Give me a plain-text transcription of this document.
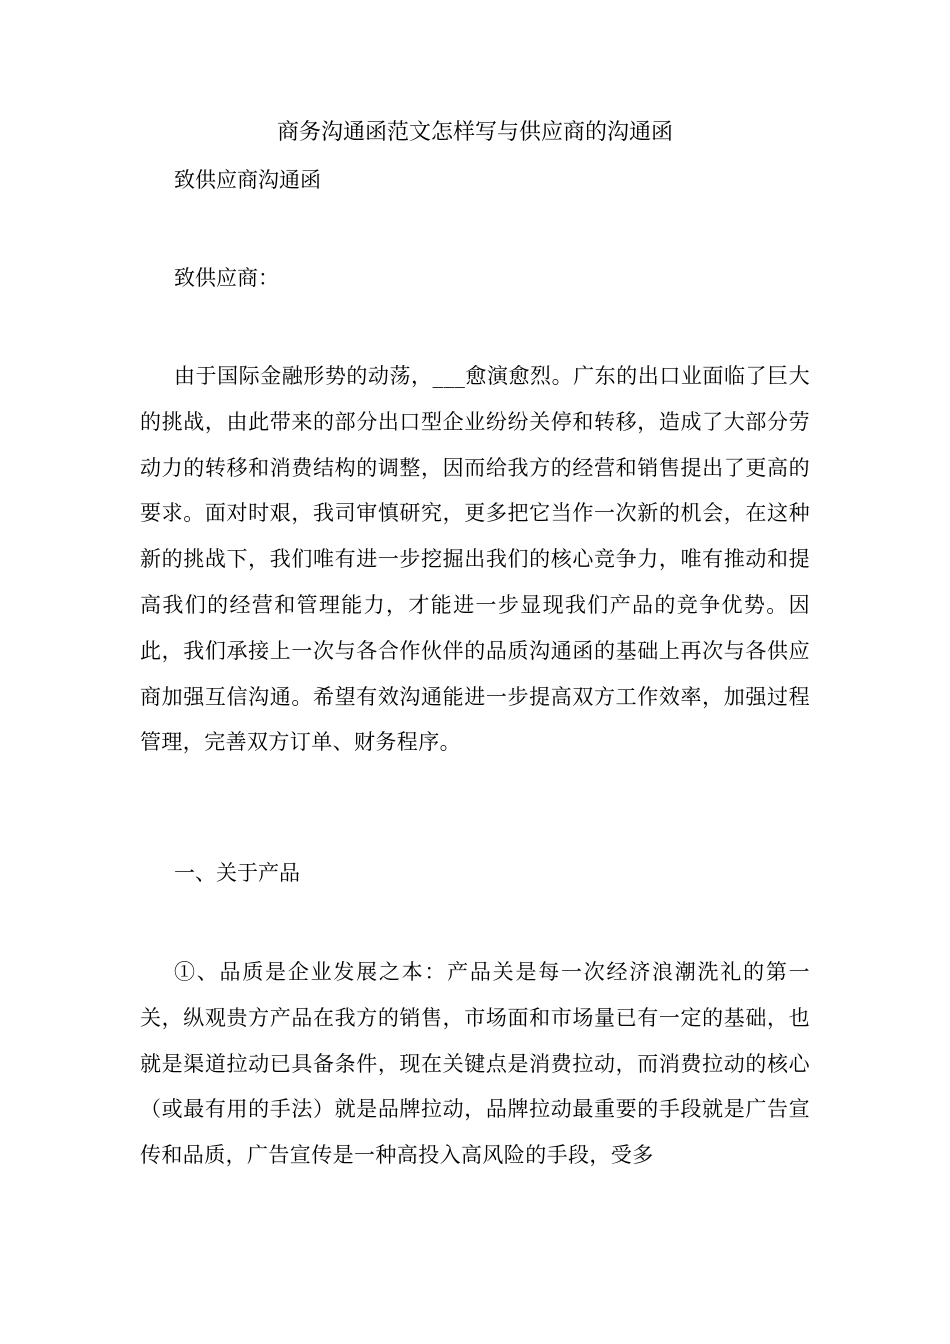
商务沟通函范文怎样写与供应商的沟通函

致供应商沟通函

致供应商：

由于国际金融形势的动荡，___愈演愈烈。广东的出口业面临了巨大的挑战，由此带来的部分出口型企业纷纷关停和转移，造成了大部分劳动力的转移和消费结构的调整，因而给我方的经营和销售提出了更高的要求。面对时艰，我司审慎研究，更多把它当作一次新的机会，在这种新的挑战下，我们唯有进一步挖掘出我们的核心竞争力，唯有推动和提高我们的经营和管理能力，才能进一步显现我们产品的竞争优势。因此，我们承接上一次与各合作伙伴的品质沟通函的基础上再次与各供应商加强互信沟通。希望有效沟通能进一步提高双方工作效率，加强过程管理，完善双方订单、财务程序。

一、关于产品

①、品质是企业发展之本：产品关是每一次经济浪潮洗礼的第一关，纵观贵方产品在我方的销售，市场面和市场量已有一定的基础，也就是渠道拉动已具备条件，现在关键点是消费拉动，而消费拉动的核心（或最有用的手法）就是品牌拉动，品牌拉动最重要的手段就是广告宣传和品质，广告宣传是一种高投入高风险的手段，受多
